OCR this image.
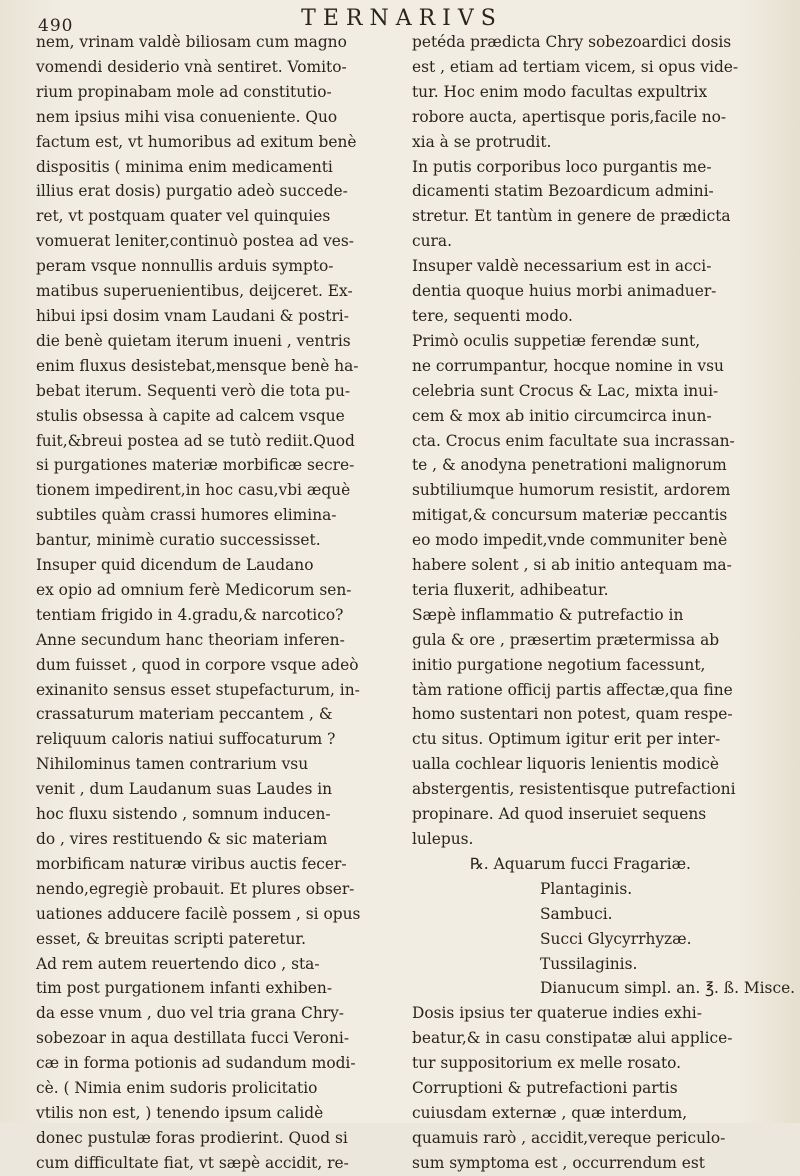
490	TERNARIVS
nem, vrinam valdè biliosam cum magno
vomendi desiderio vnà sentiret. Vomito-
rium propinabam mole ad constitutio-
nem ipsius mihi visa conueniente. Quo
factum est, vt humoribus ad exitum benè
dispositis ( minima enim medicamenti
illius erat dosis) purgatio adeò succede-
ret, vt postquam quater vel quinquies
vomuerat leniter,continuò postea ad ves-
peram vsque nonnullis arduis sympto-
matibus superuenientibus, deijceret. Ex-
hibui ipsi dosim vnam Laudani & postri-
die benè quietam iterum inueni , ventris
enim fluxus desistebat,mensque benè ha-
bebat iterum. Sequenti verò die tota pu-
stulis obsessa à capite ad calcem vsque
fuit,&breui postea ad se tutò rediit.Quod
si purgationes materiæ morbificæ secre-
tionem impedirent,in hoc casu,vbi æquè
subtiles quàm crassi humores elimina-
bantur, minimè curatio successisset.
Insuper quid dicendum de Laudano
ex opio ad omnium ferè Medicorum sen-
tentiam frigido in 4.gradu,& narcotico?
Anne secundum hanc theoriam inferen-
dum fuisset , quod in corpore vsque adeò
exinanito sensus esset stupefacturum, in-
crassaturum materiam peccantem , &
reliquum caloris natiui suffocaturum ?
Nihilominus tamen contrarium vsu
venit , dum Laudanum suas Laudes in
hoc fluxu sistendo , somnum inducen-
do , vires restituendo & sic materiam
morbificam naturæ viribus auctis fecer-
nendo,egregiè probauit. Et plures obser-
uationes adducere facilè possem , si opus
esset, & breuitas scripti pateretur.
Ad rem autem reuertendo dico , sta-
tim post purgationem infanti exhiben-
da esse vnum , duo vel tria grana Chry-
sobezoar in aqua destillata fucci Veroni-
cæ in forma potionis ad sudandum modi-
cè. ( Nimia enim sudoris prolicitatio
vtilis non est, ) tenendo ipsum calidè
donec pustulæ foras prodierint. Quod si
cum difficultate fiat, vt sæpè accidit, re-
petéda prædicta Chry sobezoardici dosis
est , etiam ad tertiam vicem, si opus vide-
tur. Hoc enim modo facultas expultrix
robore aucta, apertisque poris,facile no-
xia à se protrudit.
In putis corporibus loco purgantis me-
dicamenti statim Bezoardicum admini-
stretur. Et tantùm in genere de prædicta
cura.
Insuper valdè necessarium est in acci-
dentia quoque huius morbi animaduer-
tere, sequenti modo.
Primò oculis suppetiæ ferendæ sunt,
ne corrumpantur, hocque nomine in vsu
celebria sunt Crocus & Lac, mixta inui-
cem & mox ab initio circumcirca inun-
cta. Crocus enim facultate sua incrassan-
te , & anodyna penetrationi malignorum
subtiliumque humorum resistit, ardorem
mitigat,& concursum materiæ peccantis
eo modo impedit,vnde communiter benè
habere solent , si ab initio antequam ma-
teria fluxerit, adhibeatur.
Sæpè inflammatio & putrefactio in
gula & ore , præsertim prætermissa ab
initio purgatione negotium facessunt,
tàm ratione officij partis affectæ,qua fine
homo sustentari non potest, quam respe-
ctu situs. Optimum igitur erit per inter-
ualla cochlear liquoris lenientis modicè
abstergentis, resistentisque putrefactioni
propinare. Ad quod inseruiet sequens
lulepus.
℞. Aquarum fucci Fragariæ.
Plantaginis.
Sambuci.
Succi Glycyrrhyzæ.
Tussilaginis.
Dianucum simpl. an. ℥. ß. Misce.
Dosis ipsius ter quaterue indies exhi-
beatur,& in casu constipatæ alui applice-
tur suppositorium ex melle rosato.
Corruptioni & putrefactioni partis
cuiusdam externæ , quæ interdum,
quamuis rarò , accidit,vereque periculo-
sum symptoma est , occurrendum est
